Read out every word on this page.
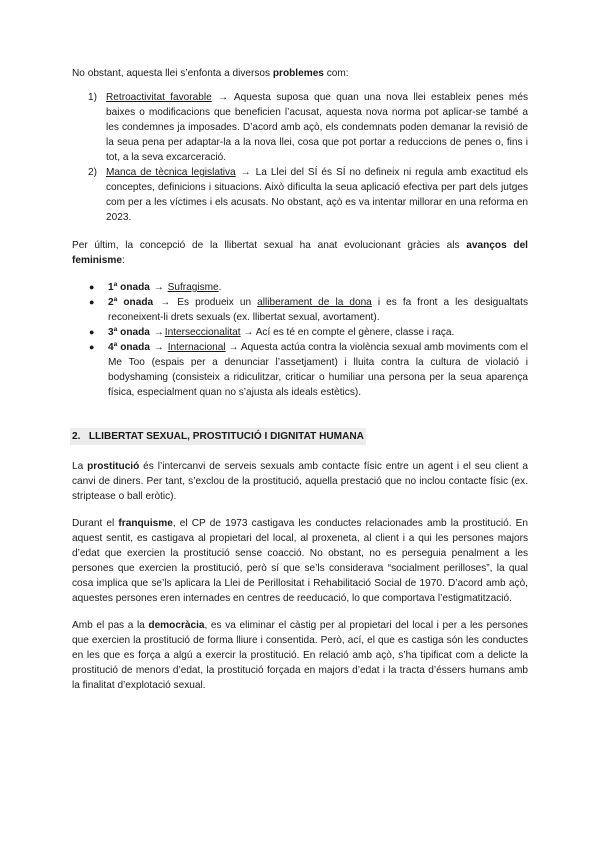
No obstant, aquesta llei s’enfonta a diversos problemes com:

1) Retroactivitat favorable → Aquesta suposa que quan una nova llei estableix penes més baixes o modificacions que beneficien l’acusat, aquesta nova norma pot aplicar-se també a les condemnes ja imposades. D’acord amb açò, els condemnats poden demanar la revisió de la seua pena per adaptar-la a la nova llei, cosa que pot portar a reduccions de penes o, fins i tot, a la seva excarceració.
2) Manca de tècnica legislativa → La Llei del SÍ és SÍ no defineix ni regula amb exactitud els conceptes, definicions i situacions. Això dificulta la seua aplicació efectiva per part dels jutges com per a les víctimes i els acusats. No obstant, açò es va intentar millorar en una reforma en 2023.

Per últim, la concepció de la llibertat sexual ha anat evolucionant gràcies als avanços del feminisme:

● 1ª onada → Sufragisme.
● 2ª onada → Es produeix un alliberament de la dona i es fa front a les desigualtats reconeixent-li drets sexuals (ex. llibertat sexual, avortament).
● 3ª onada →Interseccionalitat → Ací es té en compte el gènere, classe i raça.
● 4ª onada → Internacional → Aquesta actúa contra la violència sexual amb moviments com el Me Too (espais per a denunciar l’assetjament) i lluita contra la cultura de violació i bodyshaming (consisteix a ridiculitzar, criticar o humiliar una persona per la seua aparença física, especialment quan no s’ajusta als ideals estètics).
2. LLIBERTAT SEXUAL, PROSTITUCIÓ I DIGNITAT HUMANA

La prostitució és l’intercanvi de serveis sexuals amb contacte físic entre un agent i el seu client a canvi de diners. Per tant, s’exclou de la prostitució, aquella prestació que no inclou contacte físic (ex. striptease o ball eròtic).

Durant el franquisme, el CP de 1973 castigava les conductes relacionades amb la prostitució. En aquest sentit, es castigava al propietari del local, al proxeneta, al client i a qui les persones majors d’edat que exercien la prostitució sense coacció. No obstant, no es perseguia penalment a les persones que exercien la prostitució, però sí que se’ls considerava “socialment perilloses”, la qual cosa implica que se’ls aplicara la Llei de Perillositat i Rehabilitació Social de 1970. D’acord amb açò, aquestes persones eren internades en centres de reeducació, lo que comportava l’estigmatització.

Amb el pas a la democràcia, es va eliminar el càstig per al propietari del local i per a les persones que exercien la prostitució de forma lliure i consentida. Però, ací, el que es castiga són les conductes en les que es força a algú a exercir la prostitució. En relació amb açò, s’ha tipificat com a delicte la prostitució de menors d’edat, la prostitució forçada en majors d’edat i la tracta d’éssers humans amb la finalitat d’explotació sexual.
